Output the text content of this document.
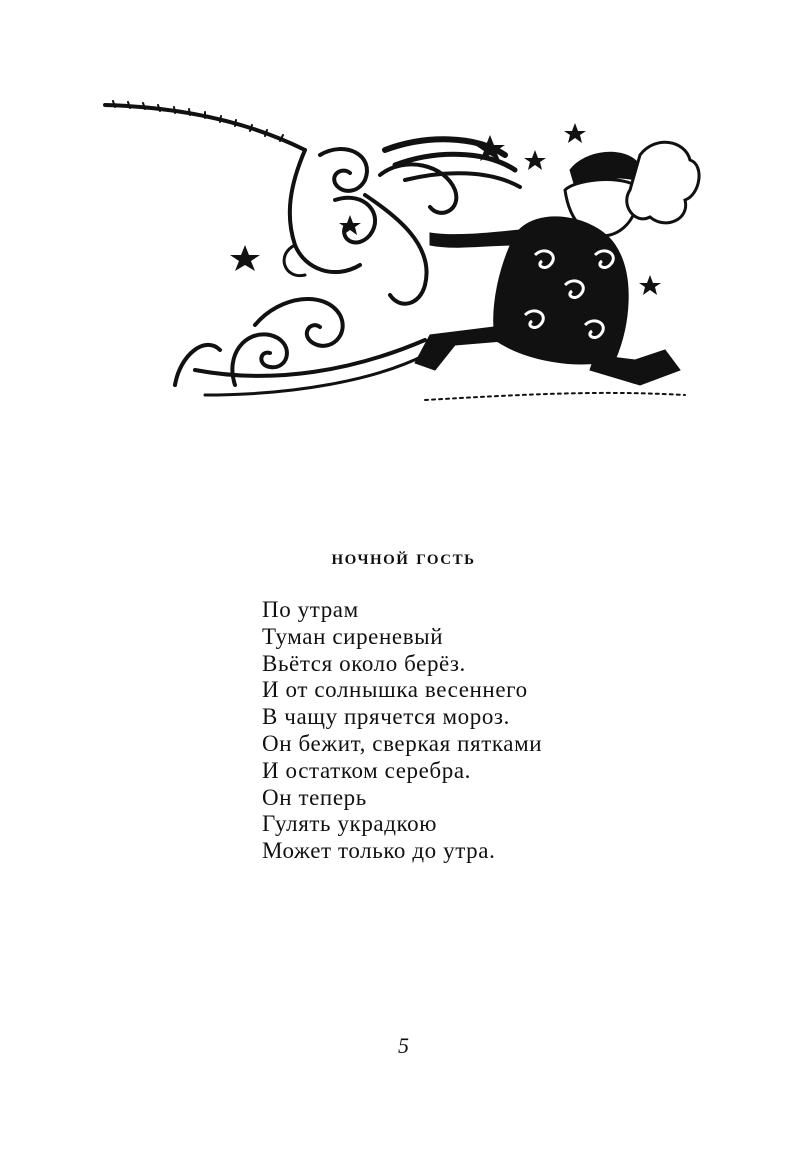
ночной гость
По утрам
Туман сиреневый
Вьётся около берёз.
И от солнышка весеннего
В чащу прячется мороз.
Он бежит, сверкая пятками
И остатком серебра.
Он теперь
Гулять украдкою
Может только до утра.
5
